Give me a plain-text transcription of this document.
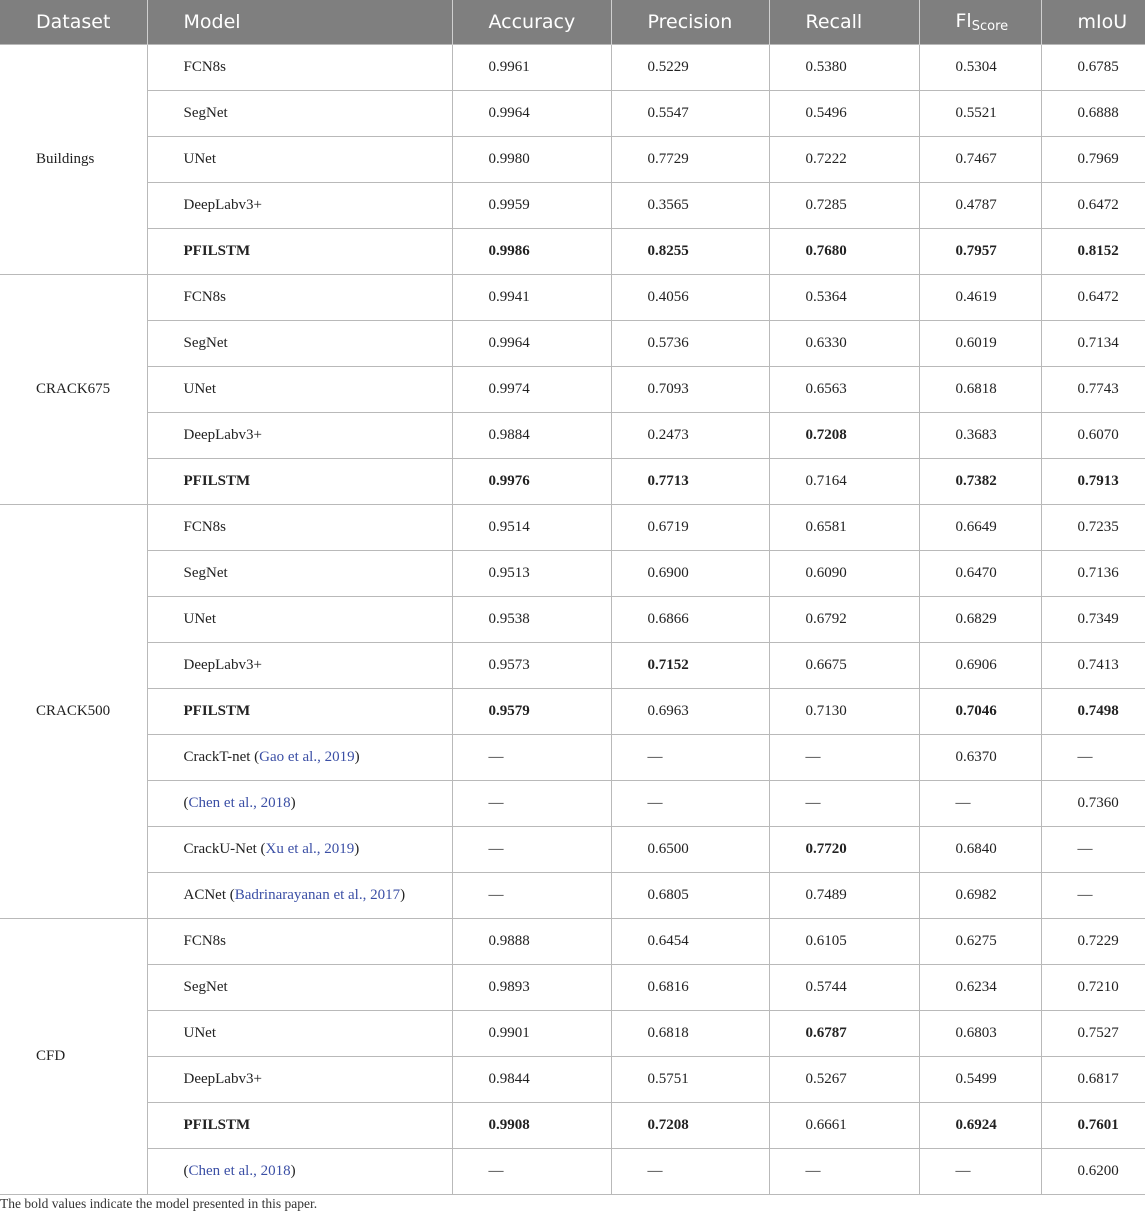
Dataset	Model	Accuracy	Precision	Recall	$Fl_{Score}$	mIoU
Buildings	FCN8s	0.9961	0.5229	0.5380	0.5304	0.6785
	SegNet	0.9964	0.5547	0.5496	0.5521	0.6888
	UNet	0.9980	0.7729	0.7222	0.7467	0.7969
	DeepLabv3+	0.9959	0.3565	0.7285	0.4787	0.6472
	PFILSTM	0.9986	0.8255	0.7680	0.7957	0.8152
CRACK675	FCN8s	0.9941	0.4056	0.5364	0.4619	0.6472
	SegNet	0.9964	0.5736	0.6330	0.6019	0.7134
	UNet	0.9974	0.7093	0.6563	0.6818	0.7743
	DeepLabv3+	0.9884	0.2473	0.7208	0.3683	0.6070
	PFILSTM	0.9976	0.7713	0.7164	0.7382	0.7913
CRACK500	FCN8s	0.9514	0.6719	0.6581	0.6649	0.7235
	SegNet	0.9513	0.6900	0.6090	0.6470	0.7136
	UNet	0.9538	0.6866	0.6792	0.6829	0.7349
	DeepLabv3+	0.9573	0.7152	0.6675	0.6906	0.7413
	PFILSTM	0.9579	0.6963	0.7130	0.7046	0.7498
	CrackT-net (Gao et al., 2019)	—	—	—	0.6370	—
	(Chen et al., 2018)	—	—	—	—	0.7360
	CrackU-Net (Xu et al., 2019)	—	0.6500	0.7720	0.6840	—
	ACNet (Badrinarayanan et al., 2017)	—	0.6805	0.7489	0.6982	—
CFD	FCN8s	0.9888	0.6454	0.6105	0.6275	0.7229
	SegNet	0.9893	0.6816	0.5744	0.6234	0.7210
	UNet	0.9901	0.6818	0.6787	0.6803	0.7527
	DeepLabv3+	0.9844	0.5751	0.5267	0.5499	0.6817
	PFILSTM	0.9908	0.7208	0.6661	0.6924	0.7601
	(Chen et al., 2018)	—	—	—	—	0.6200
The bold values indicate the model presented in this paper.
